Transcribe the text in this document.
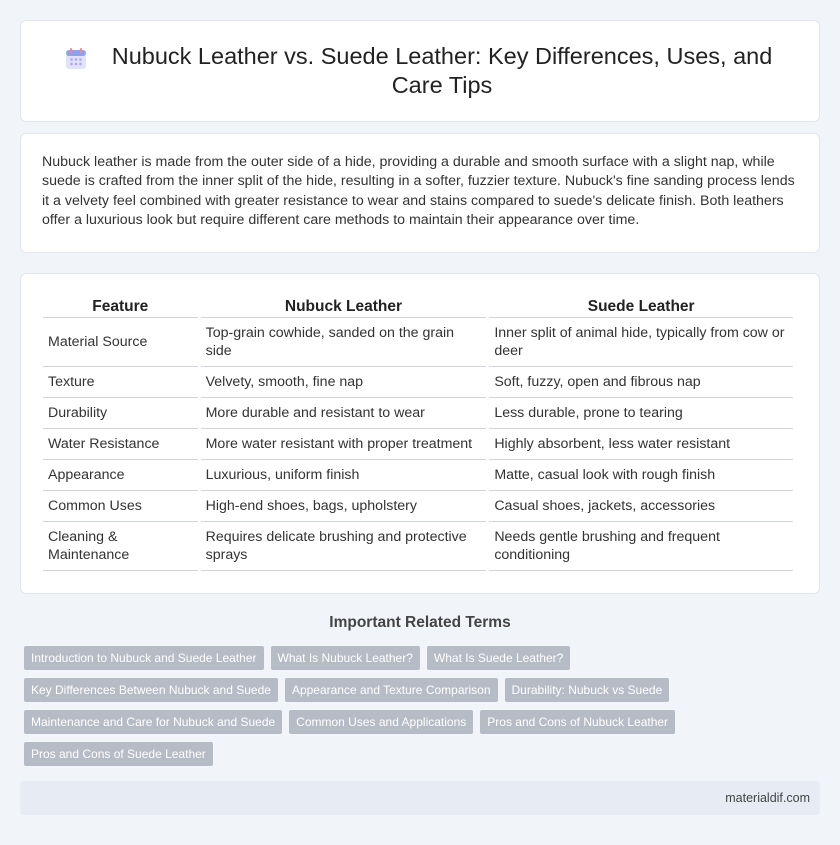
Nubuck Leather vs. Suede Leather: Key Differences, Uses, and Care Tips

Nubuck leather is made from the outer side of a hide, providing a durable and smooth surface with a slight nap, while suede is crafted from the inner split of the hide, resulting in a softer, fuzzier texture. Nubuck's fine sanding process lends it a velvety feel combined with greater resistance to wear and stains compared to suede's delicate finish. Both leathers offer a luxurious look but require different care methods to maintain their appearance over time.

Feature	Nubuck Leather	Suede Leather
Material Source	Top-grain cowhide, sanded on the grain side	Inner split of animal hide, typically from cow or deer
Texture	Velvety, smooth, fine nap	Soft, fuzzy, open and fibrous nap
Durability	More durable and resistant to wear	Less durable, prone to tearing
Water Resistance	More water resistant with proper treatment	Highly absorbent, less water resistant
Appearance	Luxurious, uniform finish	Matte, casual look with rough finish
Common Uses	High-end shoes, bags, upholstery	Casual shoes, jackets, accessories
Cleaning & Maintenance	Requires delicate brushing and protective sprays	Needs gentle brushing and frequent conditioning
Important Related Terms
Introduction to Nubuck and Suede Leather	What Is Nubuck Leather?	What Is Suede Leather?
Key Differences Between Nubuck and Suede	Appearance and Texture Comparison	Durability: Nubuck vs Suede
Maintenance and Care for Nubuck and Suede	Common Uses and Applications	Pros and Cons of Nubuck Leather
Pros and Cons of Suede Leather
materialdif.com
